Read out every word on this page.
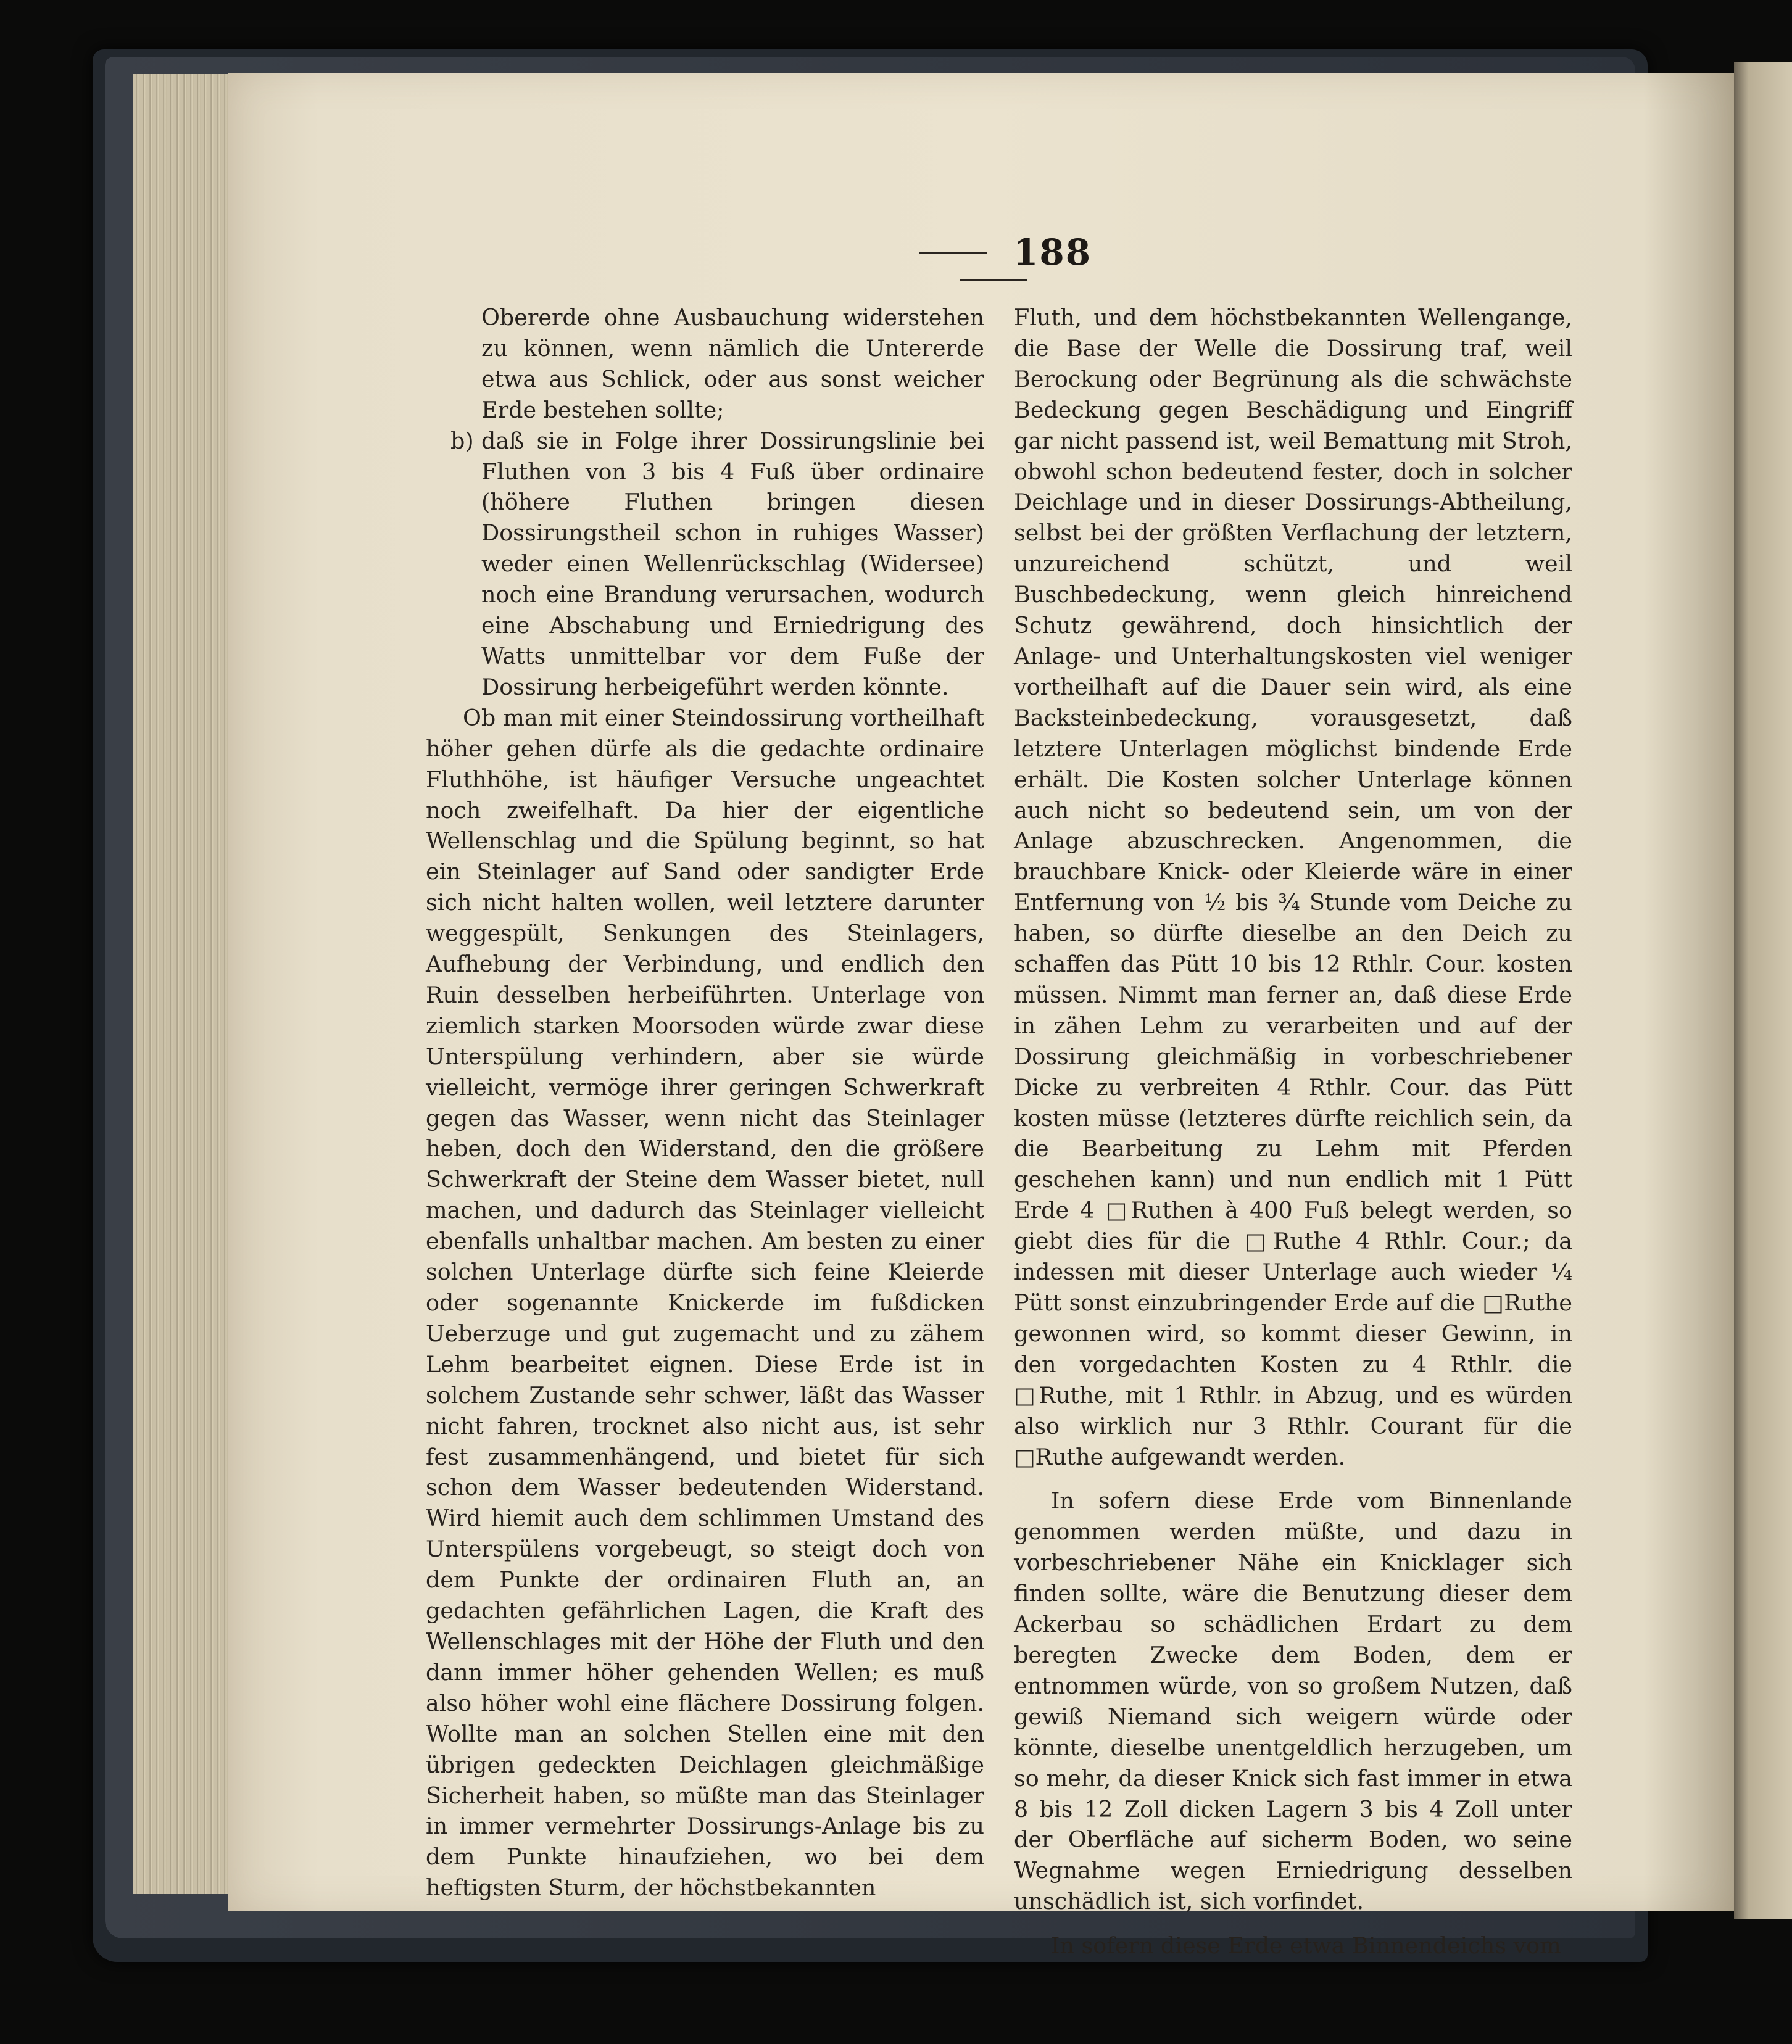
188

Obererde ohne Ausbauchung widerstehen zu können, wenn nämlich die Untererde etwa aus Schlick, oder aus sonst weicher Erde bestehen sollte;

b) daß sie in Folge ihrer Dossirungslinie bei Fluthen von 3 bis 4 Fuß über ordinaire (höhere Fluthen bringen diesen Dossirungstheil schon in ruhiges Wasser) weder einen Wellenrückschlag (Widersee) noch eine Brandung verursachen, wodurch eine Abschabung und Erniedrigung des Watts unmittelbar vor dem Fuße der Dossirung herbeigeführt werden könnte.

Ob man mit einer Steindossirung vortheilhaft höher gehen dürfe als die gedachte ordinaire Fluthhöhe, ist häufiger Versuche ungeachtet noch zweifelhaft. Da hier der eigentliche Wellenschlag und die Spülung beginnt, so hat ein Steinlager auf Sand oder sandigter Erde sich nicht halten wollen, weil letztere darunter weggespült, Senkungen des Steinlagers, Aufhebung der Verbindung, und endlich den Ruin desselben herbeiführten. Unterlage von ziemlich starken Moorsoden würde zwar diese Unterspülung verhindern, aber sie würde vielleicht, vermöge ihrer geringen Schwerkraft gegen das Wasser, wenn nicht das Steinlager heben, doch den Widerstand, den die größere Schwerkraft der Steine dem Wasser bietet, null machen, und dadurch das Steinlager vielleicht ebenfalls unhaltbar machen. Am besten zu einer solchen Unterlage dürfte sich feine Kleierde oder sogenannte Knickerde im fußdicken Ueberzuge und gut zugemacht und zu zähem Lehm bearbeitet eignen. Diese Erde ist in solchem Zustande sehr schwer, läßt das Wasser nicht fahren, trocknet also nicht aus, ist sehr fest zusammenhängend, und bietet für sich schon dem Wasser bedeutenden Widerstand. Wird hiemit auch dem schlimmen Umstand des Unterspülens vorgebeugt, so steigt doch von dem Punkte der ordinairen Fluth an, an gedachten gefährlichen Lagen, die Kraft des Wellenschlages mit der Höhe der Fluth und den dann immer höher gehenden Wellen; es muß also höher wohl eine flächere Dossirung folgen. Wollte man an solchen Stellen eine mit den übrigen gedeckten Deichlagen gleichmäßige Sicherheit haben, so müßte man das Steinlager in immer vermehrter Dossirungs-Anlage bis zu dem Punkte hinaufziehen, wo bei dem heftigsten Sturm, der höchstbekannten

Fluth, und dem höchstbekannten Wellengange, die Base der Welle die Dossirung traf, weil Berockung oder Begrünung als die schwächste Bedeckung gegen Beschädigung und Eingriff gar nicht passend ist, weil Bemattung mit Stroh, obwohl schon bedeutend fester, doch in solcher Deichlage und in dieser Dossirungs-Abtheilung, selbst bei der größten Verflachung der letztern, unzureichend schützt, und weil Buschbedeckung, wenn gleich hinreichend Schutz gewährend, doch hinsichtlich der Anlage- und Unterhaltungskosten viel weniger vortheilhaft auf die Dauer sein wird, als eine Backsteinbedeckung, vorausgesetzt, daß letztere Unterlagen möglichst bindende Erde erhält. Die Kosten solcher Unterlage können auch nicht so bedeutend sein, um von der Anlage abzuschrecken. Angenommen, die brauchbare Knick- oder Kleierde wäre in einer Entfernung von ½ bis ¾ Stunde vom Deiche zu haben, so dürfte dieselbe an den Deich zu schaffen das Pütt 10 bis 12 Rthlr. Cour. kosten müssen. Nimmt man ferner an, daß diese Erde in zähen Lehm zu verarbeiten und auf der Dossirung gleichmäßig in vorbeschriebener Dicke zu verbreiten 4 Rthlr. Cour. das Pütt kosten müsse (letzteres dürfte reichlich sein, da die Bearbeitung zu Lehm mit Pferden geschehen kann) und nun endlich mit 1 Pütt Erde 4 □Ruthen à 400 Fuß belegt werden, so giebt dies für die □Ruthe 4 Rthlr. Cour.; da indessen mit dieser Unterlage auch wieder ¼ Pütt sonst einzubringender Erde auf die □Ruthe gewonnen wird, so kommt dieser Gewinn, in den vorgedachten Kosten zu 4 Rthlr. die □Ruthe, mit 1 Rthlr. in Abzug, und es würden also wirklich nur 3 Rthlr. Courant für die □Ruthe aufgewandt werden.

In sofern diese Erde vom Binnenlande genommen werden müßte, und dazu in vorbeschriebener Nähe ein Knicklager sich finden sollte, wäre die Benutzung dieser dem Ackerbau so schädlichen Erdart zu dem beregten Zwecke dem Boden, dem er entnommen würde, von so großem Nutzen, daß gewiß Niemand sich weigern würde oder könnte, dieselbe unentgeldlich herzugeben, um so mehr, da dieser Knick sich fast immer in etwa 8 bis 12 Zoll dicken Lagern 3 bis 4 Zoll unter der Oberfläche auf sicherm Boden, wo seine Wegnahme wegen Erniedrigung desselben unschädlich ist, sich vorfindet.

In sofern diese Erde etwa Binnendeichs vom
